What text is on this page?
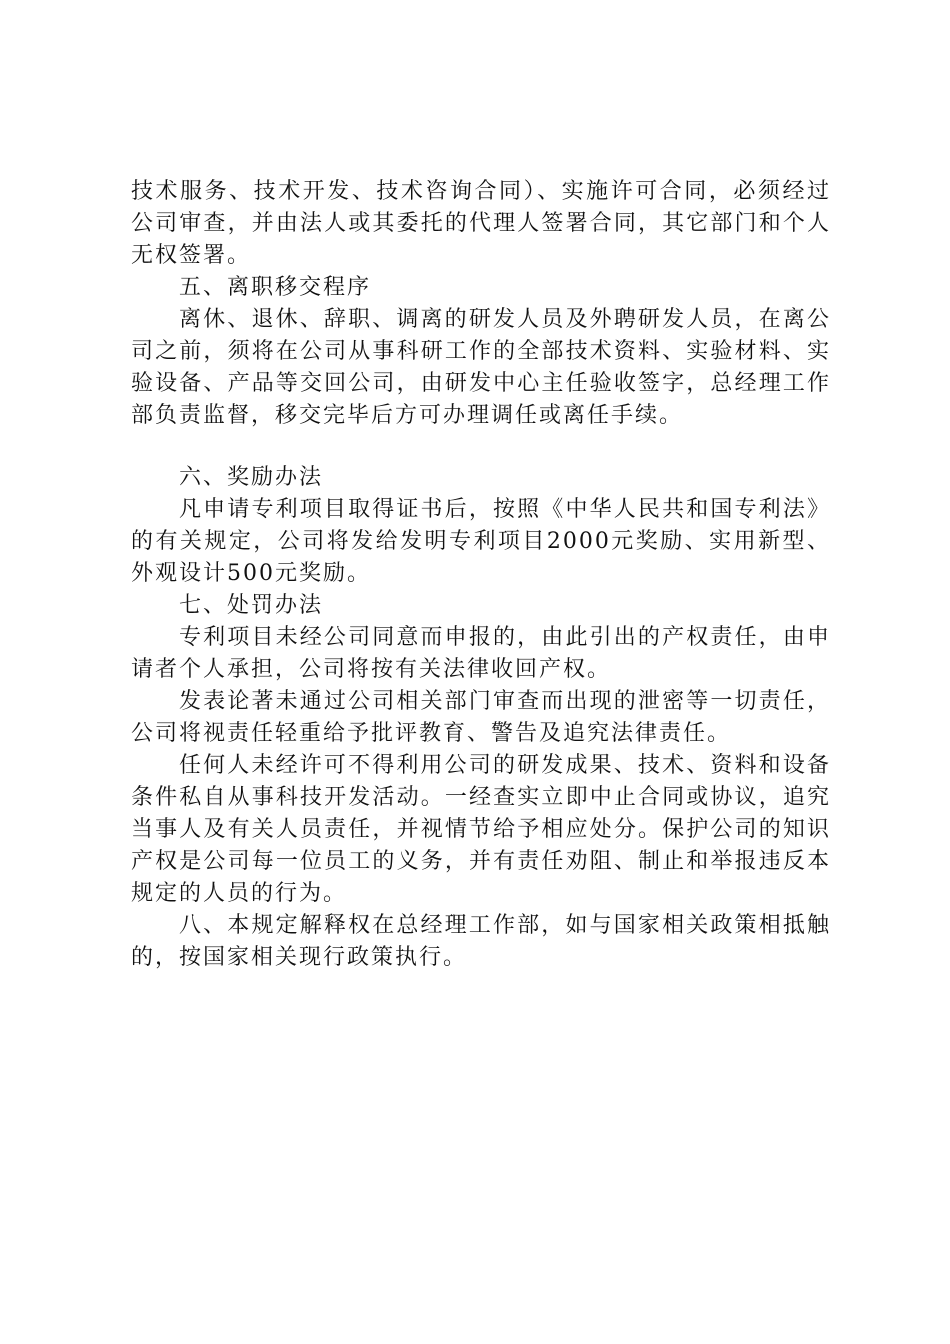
技术服务、技术开发、技术咨询合同）、实施许可合同，必须经过公司审查，并由法人或其委托的代理人签署合同，其它部门和个人无权签署。

五、离职移交程序

离休、退休、辞职、调离的研发人员及外聘研发人员，在离公司之前，须将在公司从事科研工作的全部技术资料、实验材料、实验设备、产品等交回公司，由研发中心主任验收签字，总经理工作部负责监督，移交完毕后方可办理调任或离任手续。

六、奖励办法

凡申请专利项目取得证书后，按照《中华人民共和国专利法》的有关规定，公司将发给发明专利项目2000元奖励、实用新型、外观设计500元奖励。

七、处罚办法

专利项目未经公司同意而申报的，由此引出的产权责任，由申请者个人承担，公司将按有关法律收回产权。

发表论著未通过公司相关部门审查而出现的泄密等一切责任，公司将视责任轻重给予批评教育、警告及追究法律责任。

任何人未经许可不得利用公司的研发成果、技术、资料和设备条件私自从事科技开发活动。一经查实立即中止合同或协议，追究当事人及有关人员责任，并视情节给予相应处分。保护公司的知识产权是公司每一位员工的义务，并有责任劝阻、制止和举报违反本规定的人员的行为。

八、本规定解释权在总经理工作部，如与国家相关政策相抵触的，按国家相关现行政策执行。
